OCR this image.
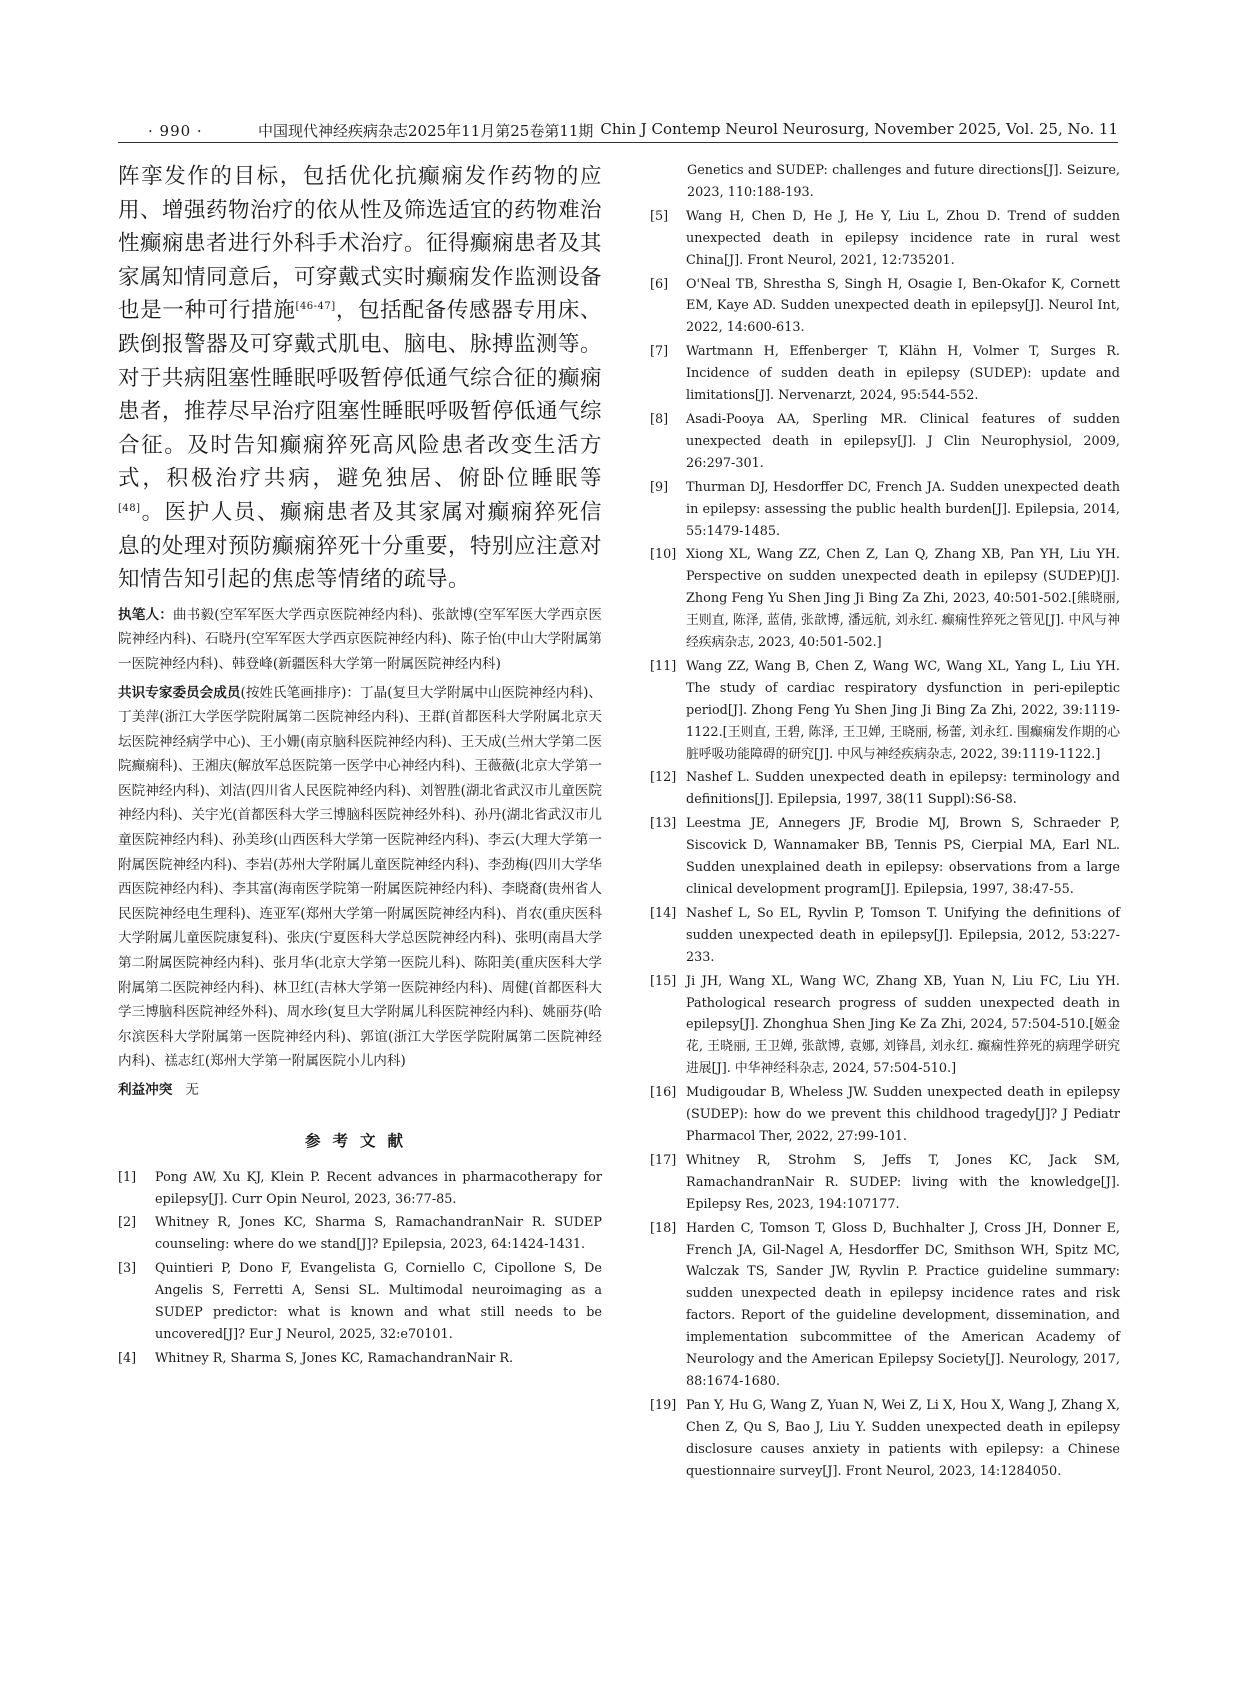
· 990 ·	中国现代神经疾病杂志2025年11月第25卷第11期 Chin J Contemp Neurol Neurosurg, November 2025, Vol. 25, No. 11

阵挛发作的目标，包括优化抗癫痫发作药物的应用、增强药物治疗的依从性及筛选适宜的药物难治性癫痫患者进行外科手术治疗。征得癫痫患者及其家属知情同意后，可穿戴式实时癫痫发作监测设备也是一种可行措施[46-47]，包括配备传感器专用床、跌倒报警器及可穿戴式肌电、脑电、脉搏监测等。对于共病阻塞性睡眠呼吸暂停低通气综合征的癫痫患者，推荐尽早治疗阻塞性睡眠呼吸暂停低通气综合征。及时告知癫痫猝死高风险患者改变生活方式，积极治疗共病，避免独居、俯卧位睡眠等[48]。医护人员、癫痫患者及其家属对癫痫猝死信息的处理对预防癫痫猝死十分重要，特别应注意对知情告知引起的焦虑等情绪的疏导。

执笔人：曲书毅(空军军医大学西京医院神经内科)、张歆博(空军军医大学西京医院神经内科)、石晓丹(空军军医大学西京医院神经内科)、陈子怡(中山大学附属第一医院神经内科)、韩登峰(新疆医科大学第一附属医院神经内科)

共识专家委员会成员(按姓氏笔画排序)：丁晶(复旦大学附属中山医院神经内科)、丁美萍(浙江大学医学院附属第二医院神经内科)、王群(首都医科大学附属北京天坛医院神经病学中心)、王小姗(南京脑科医院神经内科)、王天成(兰州大学第二医院癫痫科)、王湘庆(解放军总医院第一医学中心神经内科)、王薇薇(北京大学第一医院神经内科)、刘洁(四川省人民医院神经内科)、刘智胜(湖北省武汉市儿童医院神经内科)、关宇光(首都医科大学三博脑科医院神经外科)、孙丹(湖北省武汉市儿童医院神经内科)、孙美珍(山西医科大学第一医院神经内科)、李云(大理大学第一附属医院神经内科)、李岩(苏州大学附属儿童医院神经内科)、李劲梅(四川大学华西医院神经内科)、李其富(海南医学院第一附属医院神经内科)、李晓裔(贵州省人民医院神经电生理科)、连亚军(郑州大学第一附属医院神经内科)、肖农(重庆医科大学附属儿童医院康复科)、张庆(宁夏医科大学总医院神经内科)、张明(南昌大学第二附属医院神经内科)、张月华(北京大学第一医院儿科)、陈阳美(重庆医科大学附属第二医院神经内科)、林卫红(吉林大学第一医院神经内科)、周健(首都医科大学三博脑科医院神经外科)、周水珍(复旦大学附属儿科医院神经内科)、姚丽芬(哈尔滨医科大学附属第一医院神经内科)、郭谊(浙江大学医学院附属第二医院神经内科)、禚志红(郑州大学第一附属医院小儿内科)

利益冲突 无

参考文献
[1]	Pong AW, Xu KJ, Klein P. Recent advances in pharmacotherapy for epilepsy[J]. Curr Opin Neurol, 2023, 36:77-85.
[2]	Whitney R, Jones KC, Sharma S, RamachandranNair R. SUDEP counseling: where do we stand[J]? Epilepsia, 2023, 64:1424-1431.
[3]	Quintieri P, Dono F, Evangelista G, Corniello C, Cipollone S, De Angelis S, Ferretti A, Sensi SL. Multimodal neuroimaging as a SUDEP predictor: what is known and what still needs to be uncovered[J]? Eur J Neurol, 2025, 32:e70101.
[4]	Whitney R, Sharma S, Jones KC, RamachandranNair R.
Genetics and SUDEP: challenges and future directions[J]. Seizure, 2023, 110:188-193.
[5]	Wang H, Chen D, He J, He Y, Liu L, Zhou D. Trend of sudden unexpected death in epilepsy incidence rate in rural west China[J]. Front Neurol, 2021, 12:735201.
[6]	O'Neal TB, Shrestha S, Singh H, Osagie I, Ben-Okafor K, Cornett EM, Kaye AD. Sudden unexpected death in epilepsy[J]. Neurol Int, 2022, 14:600-613.
[7]	Wartmann H, Effenberger T, Klähn H, Volmer T, Surges R. Incidence of sudden death in epilepsy (SUDEP): update and limitations[J]. Nervenarzt, 2024, 95:544-552.
[8]	Asadi-Pooya AA, Sperling MR. Clinical features of sudden unexpected death in epilepsy[J]. J Clin Neurophysiol, 2009, 26:297-301.
[9]	Thurman DJ, Hesdorffer DC, French JA. Sudden unexpected death in epilepsy: assessing the public health burden[J]. Epilepsia, 2014, 55:1479-1485.
[10] Xiong XL, Wang ZZ, Chen Z, Lan Q, Zhang XB, Pan YH, Liu YH. Perspective on sudden unexpected death in epilepsy (SUDEP)[J]. Zhong Feng Yu Shen Jing Ji Bing Za Zhi, 2023, 40:501-502.[熊晓丽, 王则直, 陈泽, 蓝倩, 张歆博, 潘远航, 刘永红. 癫痫性猝死之管见[J]. 中风与神经疾病杂志, 2023, 40:501-502.]
[11] Wang ZZ, Wang B, Chen Z, Wang WC, Wang XL, Yang L, Liu YH. The study of cardiac respiratory dysfunction in peri-epileptic period[J]. Zhong Feng Yu Shen Jing Ji Bing Za Zhi, 2022, 39:1119-1122.[王则直, 王碧, 陈泽, 王卫婵, 王晓丽, 杨蕾, 刘永红. 围癫痫发作期的心脏呼吸功能障碍的研究[J]. 中风与神经疾病杂志, 2022, 39:1119-1122.]
[12] Nashef L. Sudden unexpected death in epilepsy: terminology and definitions[J]. Epilepsia, 1997, 38(11 Suppl):S6-S8.
[13] Leestma JE, Annegers JF, Brodie MJ, Brown S, Schraeder P, Siscovick D, Wannamaker BB, Tennis PS, Cierpial MA, Earl NL. Sudden unexplained death in epilepsy: observations from a large clinical development program[J]. Epilepsia, 1997, 38:47-55.
[14] Nashef L, So EL, Ryvlin P, Tomson T. Unifying the definitions of sudden unexpected death in epilepsy[J]. Epilepsia, 2012, 53:227-233.
[15] Ji JH, Wang XL, Wang WC, Zhang XB, Yuan N, Liu FC, Liu YH. Pathological research progress of sudden unexpected death in epilepsy[J]. Zhonghua Shen Jing Ke Za Zhi, 2024, 57:504-510.[姬金花, 王晓丽, 王卫婵, 张歆博, 袁娜, 刘锋昌, 刘永红. 癫痫性猝死的病理学研究进展[J]. 中华神经科杂志, 2024, 57:504-510.]
[16] Mudigoudar B, Wheless JW. Sudden unexpected death in epilepsy (SUDEP): how do we prevent this childhood tragedy[J]? J Pediatr Pharmacol Ther, 2022, 27:99-101.
[17] Whitney R, Strohm S, Jeffs T, Jones KC, Jack SM, RamachandranNair R. SUDEP: living with the knowledge[J]. Epilepsy Res, 2023, 194:107177.
[18] Harden C, Tomson T, Gloss D, Buchhalter J, Cross JH, Donner E, French JA, Gil-Nagel A, Hesdorffer DC, Smithson WH, Spitz MC, Walczak TS, Sander JW, Ryvlin P. Practice guideline summary: sudden unexpected death in epilepsy incidence rates and risk factors. Report of the guideline development, dissemination, and implementation subcommittee of the American Academy of Neurology and the American Epilepsy Society[J]. Neurology, 2017, 88:1674-1680.
[19] Pan Y, Hu G, Wang Z, Yuan N, Wei Z, Li X, Hou X, Wang J, Zhang X, Chen Z, Qu S, Bao J, Liu Y. Sudden unexpected death in epilepsy disclosure causes anxiety in patients with epilepsy: a Chinese questionnaire survey[J]. Front Neurol, 2023, 14:1284050.
